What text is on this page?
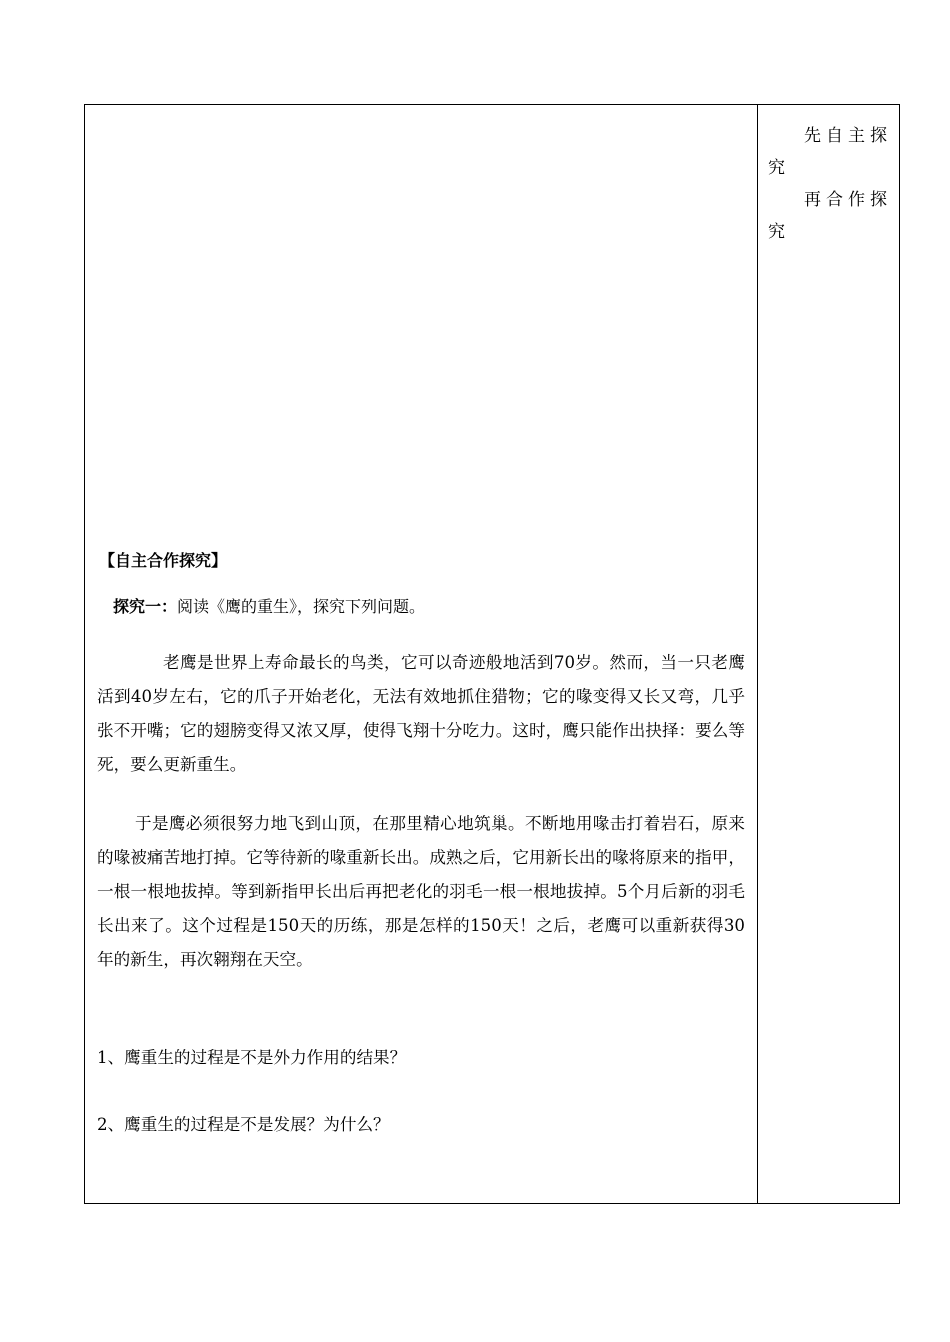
【自主合作探究】
探究一：阅读《鹰的重生》，探究下列问题。

老鹰是世界上寿命最长的鸟类，它可以奇迹般地活到70岁。然而，当一只老鹰活到40岁左右，它的爪子开始老化，无法有效地抓住猎物；它的喙变得又长又弯，几乎张不开嘴；它的翅膀变得又浓又厚，使得飞翔十分吃力。这时，鹰只能作出抉择：要么等死，要么更新重生。

于是鹰必须很努力地飞到山顶，在那里精心地筑巢。不断地用喙击打着岩石，原来的喙被痛苦地打掉。它等待新的喙重新长出。成熟之后，它用新长出的喙将原来的指甲，一根一根地拔掉。等到新指甲长出后再把老化的羽毛一根一根地拔掉。5个月后新的羽毛长出来了。这个过程是150天的历练，那是怎样的150天！之后，老鹰可以重新获得30年的新生，再次翱翔在天空。

1、鹰重生的过程是不是外力作用的结果？
2、鹰重生的过程是不是发展？为什么？
先自主探究
再合作探究
